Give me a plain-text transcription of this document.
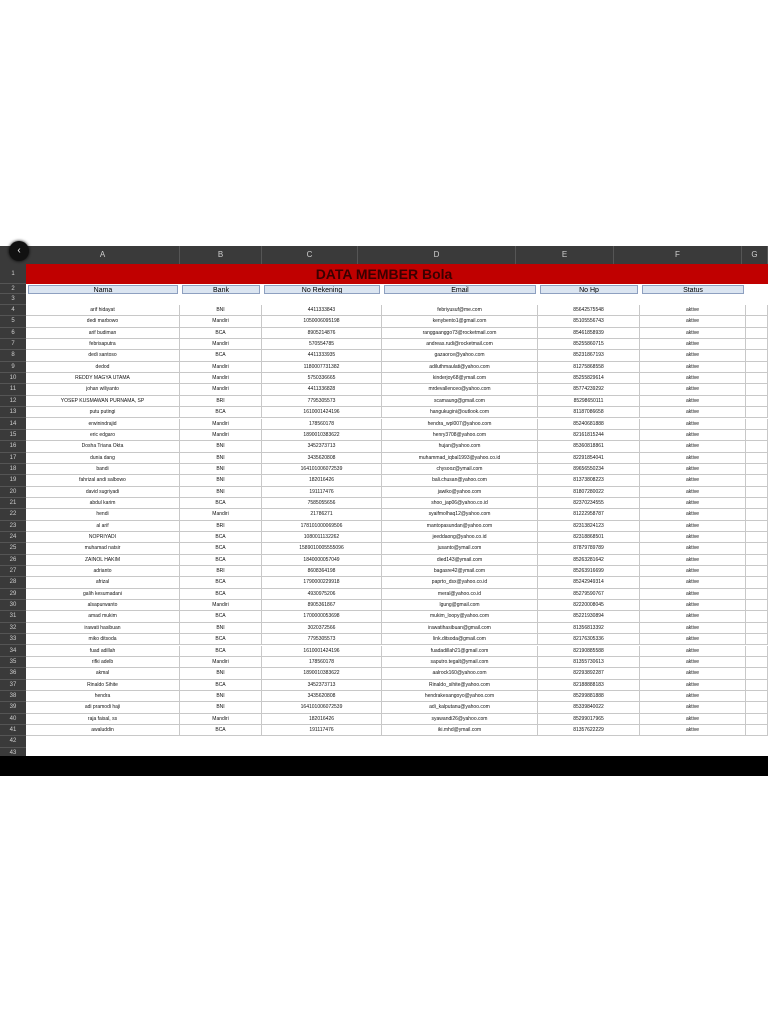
A	B	C	D	E	F	G
1
2
3
4
5
6
7
8
9
10
11
12
13
14
15
16
17
18
19
20
21
22
23
24
25
26
27
28
29
30
31
32
33
34
35
36
37
38
39
40
41
42
43
DATA MEMBER Bola
Nama	Bank	No Rekening	Email	No Hp	Status
arif hidayat	BNI	4411333843	febriyusuf@me.com	85642575548	aktive
dedi marbowo	Mandiri	1050006095198	kenybento1@gmail.com	85105556743	aktive
arif budiman	BCA	8905214876	ranggaanggo73@rocketmail.com	85461858939	aktive
febrisaputra	Mandiri	570554785	andreas.rudi@rocketmail.com	85255860715	aktive
dedi santoso	BCA	4411333935	gazaorce@yahoo.com	85231867193	aktive
dedod	Mandiri	1180007731382	adiluthmaulati@yahoo.com	81275868558	aktive
REDDY MAGYA UTAMA	Mandiri	5750336665	kinderjoy68@ymail.com	85255829614	aktive
johan wiliyanto	Mandiri	4411336828	mrdevallenceo@yahoo.com	85774239292	aktive
YOSEP KUSMAWAN PURNAMA, SP	BRI	7795305573	scamaung@gmail.com	85298650111	aktive
putu putingi	BCA	1610001424196	hangukugini@outlook.com	81187086658	aktive
erwinindrajid	Mandiri	178560178	hendra_wpl007@yahoo.com	85240681888	aktive
eric edgaro	Mandiri	1890010383622	henry3708@yahoo.com	82161815244	aktive
Dosha Triana Okta	BNI	3452373713	hujan@yahoo.com	85360818861	aktive
dunia dang	BNI	3435620808	muhammad_iqbal1993@yahoo.co.id	82291854041	aktive
bandi	BNI	164101006072539	chysooz@ymail.com	89656550234	aktive
fahrizal andi salbowo	BNI	182016426	bali.chusan@yahoo.com	81373808223	aktive
david sugriyadi	BNI	191117476	jawiko@yahoo.com	81807280022	aktive
abdul karim	BCA	7585055656	shoo_jap06@yahoo.co.id	82370234555	aktive
hendi	Mandiri	21786271	syaifmolhaq12@yahoo.com	81222958787	aktive
al arif	BRI	178101000069506	mantopasundan@yahoo.com	82313824123	aktive
NOPRIYADI	BCA	1080011132262	jeeddaong@yahoo.co.id	82318868501	aktive
muhamad natsir	BCA	1589010005555096	jusanto@ymail.com	87879789789	aktive
ZAINOL HAKIM	BCA	1840000057049	died143@ymail.com	85263281642	aktive
adrianto	BRI	8608364198	bagasre42@ymail.com	85263916699	aktive
afrizal	BCA	1790000229918	paprto_dsx@yahoo.co.id	85242949314	aktive
galih kesumadani	BCA	4930975206	meral@yahoo.co.id	85279590767	aktive
alsapurwanto	Mandiri	8905361867	lgung@gmail.com	82220008045	aktive
amad mukim	BCA	1700000053698	mukim_loopy@yahoo.com	85221930894	aktive
irawati hasibuan	BNI	3020372566	irawatihasibuan@gmail.com	81356813392	aktive
miko ditsoda	BCA	7795305573	link.ditsoda@gmail.com	82176305336	aktive
fuad adillah	BCA	1610001424196	fuadadillah21@gmail.com	82190885588	aktive
rifki adelb	Mandiri	178560178	saputro.tegalt@ymail.com	81355730613	aktive
akmal	BNI	1890010383622	aalrock160@yahoo.com	82293892287	aktive
Rinaldo Sihite	BCA	3452373713	Rinaldo_sihite@yahoo.com	82188888183	aktive
hendra	BNI	3435620808	hendrakesangoyo@yahoo.com	85299881888	aktive
adi pramodi haji	BNI	164101006072539	adi_kalputanu@yahoo.com	85339840022	aktive
raja faisal, ss	Mandiri	182016426	syawandi26@yahoo.com	85299017965	aktive
awaluddin	BCA	191117476	iki.mhd@ymail.com	81357622229	aktive
‹
